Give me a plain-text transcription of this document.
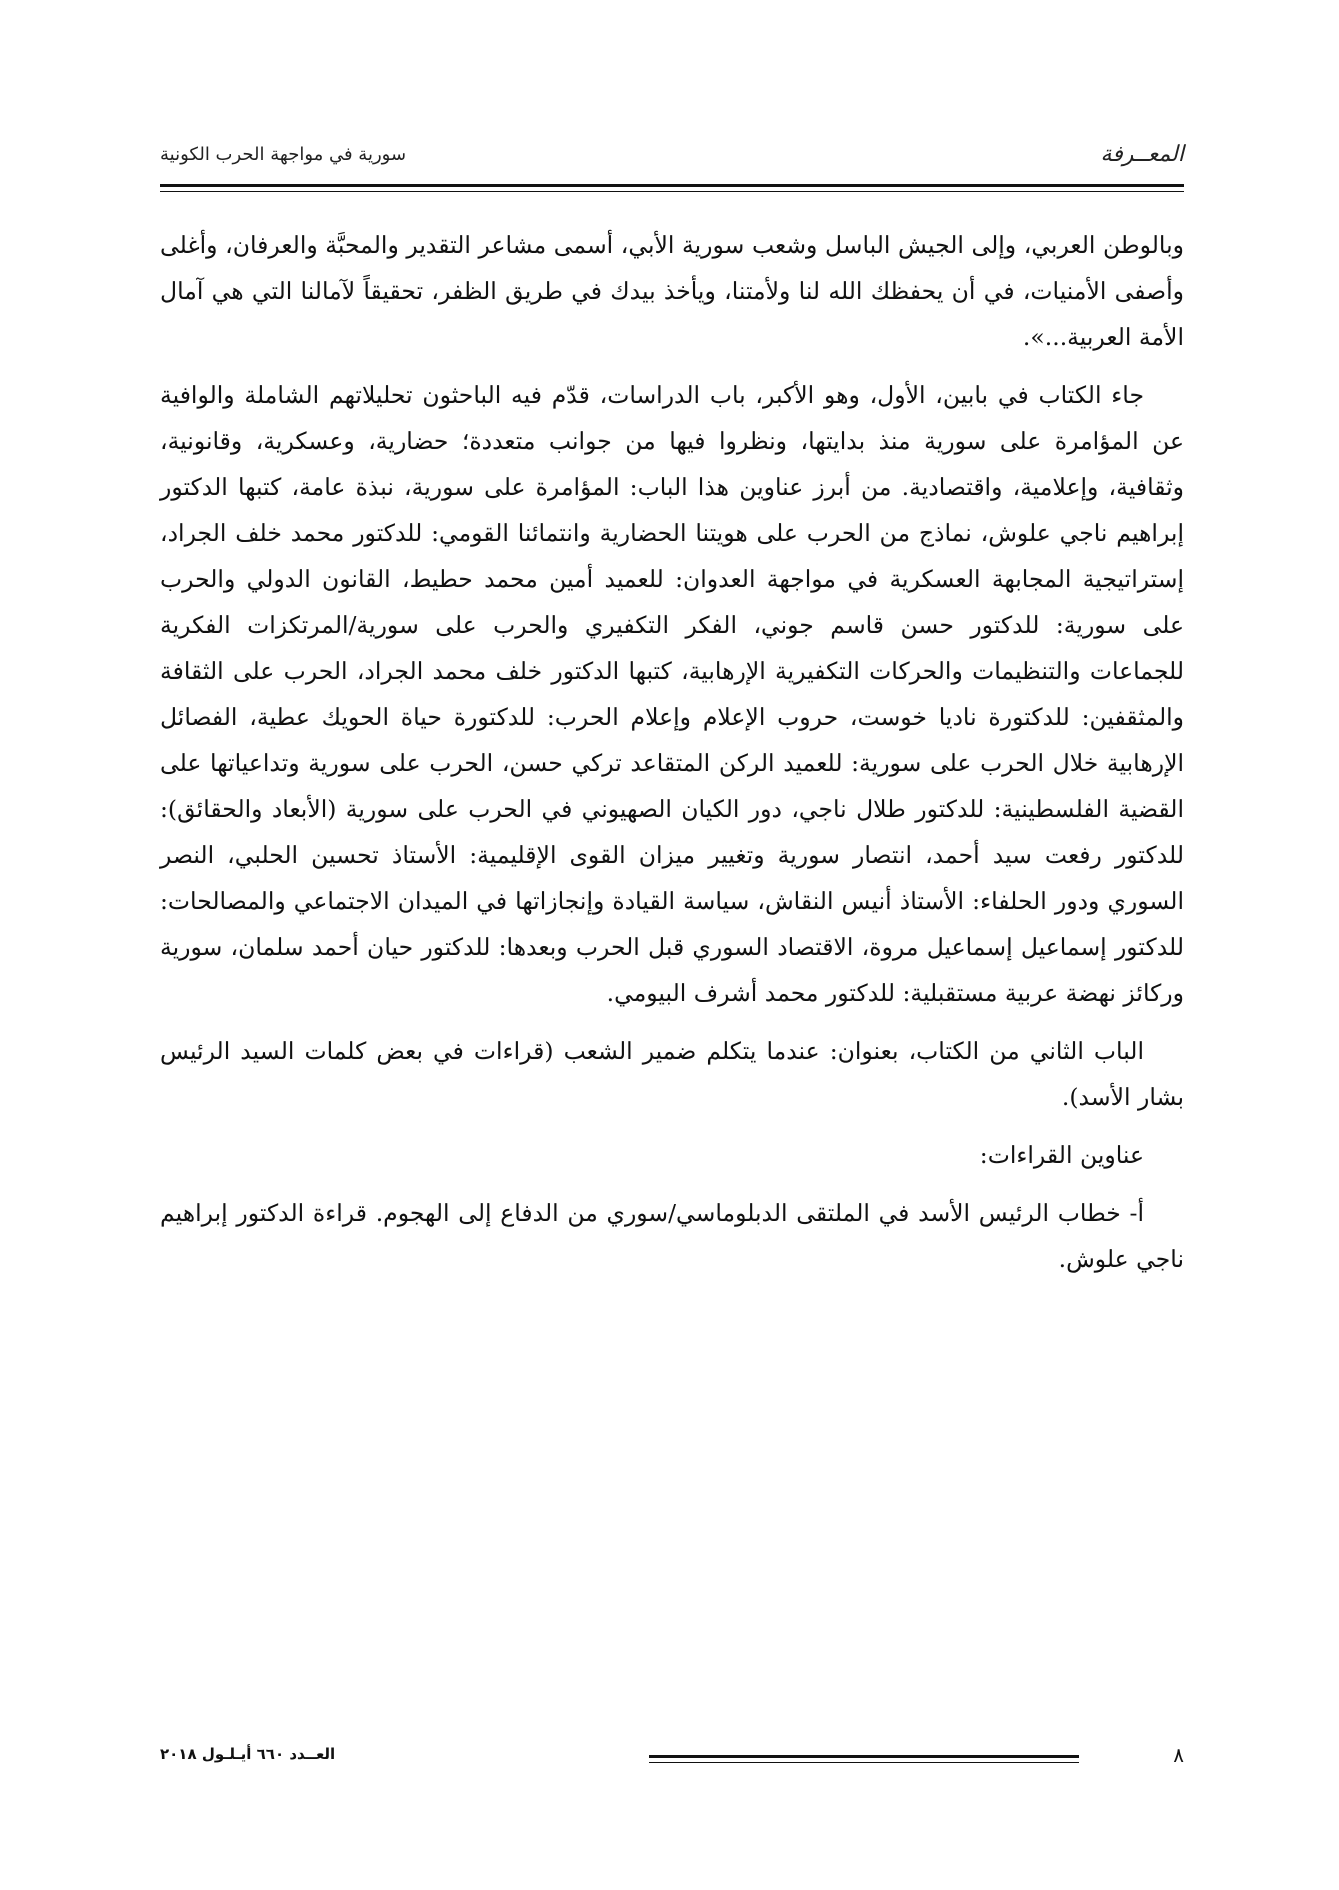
المعــرفة
سورية في مواجهة الحرب الكونية

وبالوطن العربي، وإلى الجيش الباسل وشعب سورية الأبي، أسمى مشاعر التقدير والمحبَّة والعرفان، وأغلى وأصفى الأمنيات، في أن يحفظك الله لنا ولأمتنا، ويأخذ بيدك في طريق الظفر، تحقيقاً لآمالنا التي هي آمال الأمة العربية...».

جاء الكتاب في بابين، الأول، وهو الأكبر، باب الدراسات، قدّم فيه الباحثون تحليلاتهم الشاملة والوافية عن المؤامرة على سورية منذ بدايتها، ونظروا فيها من جوانب متعددة؛ حضارية، وعسكرية، وقانونية، وثقافية، وإعلامية، واقتصادية. من أبرز عناوين هذا الباب: المؤامرة على سورية، نبذة عامة، كتبها الدكتور إبراهيم ناجي علوش، نماذج من الحرب على هويتنا الحضارية وانتمائنا القومي: للدكتور محمد خلف الجراد، إستراتيجية المجابهة العسكرية في مواجهة العدوان: للعميد أمين محمد حطيط، القانون الدولي والحرب على سورية: للدكتور حسن قاسم جوني، الفكر التكفيري والحرب على سورية/المرتكزات الفكرية للجماعات والتنظيمات والحركات التكفيرية الإرهابية، كتبها الدكتور خلف محمد الجراد، الحرب على الثقافة والمثقفين: للدكتورة ناديا خوست، حروب الإعلام وإعلام الحرب: للدكتورة حياة الحويك عطية، الفصائل الإرهابية خلال الحرب على سورية: للعميد الركن المتقاعد تركي حسن، الحرب على سورية وتداعياتها على القضية الفلسطينية: للدكتور طلال ناجي، دور الكيان الصهيوني في الحرب على سورية (الأبعاد والحقائق): للدكتور رفعت سيد أحمد، انتصار سورية وتغيير ميزان القوى الإقليمية: الأستاذ تحسين الحلبي، النصر السوري ودور الحلفاء: الأستاذ أنيس النقاش، سياسة القيادة وإنجازاتها في الميدان الاجتماعي والمصالحات: للدكتور إسماعيل إسماعيل مروة، الاقتصاد السوري قبل الحرب وبعدها: للدكتور حيان أحمد سلمان، سورية وركائز نهضة عربية مستقبلية: للدكتور محمد أشرف البيومي.

الباب الثاني من الكتاب، بعنوان: عندما يتكلم ضمير الشعب (قراءات في بعض كلمات السيد الرئيس بشار الأسد).

عناوين القراءات:

أ- خطاب الرئيس الأسد في الملتقى الدبلوماسي/سوري من الدفاع إلى الهجوم. قراءة الدكتور إبراهيم ناجي علوش.

٨
العــدد ٦٦٠ أيـلـول ٢٠١٨
